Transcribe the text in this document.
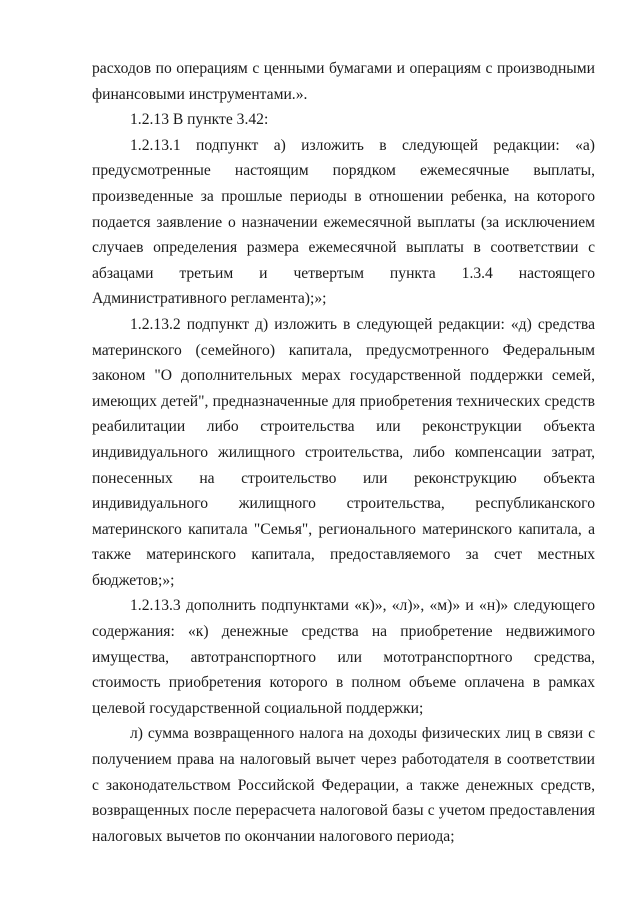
расходов по операциям с ценными бумагами и операциям с производными финансовыми инструментами.».

1.2.13 В пункте 3.42:

1.2.13.1 подпункт а) изложить в следующей редакции: «а) предусмотренные настоящим порядком ежемесячные выплаты, произведенные за прошлые периоды в отношении ребенка, на которого подается заявление о назначении ежемесячной выплаты (за исключением случаев определения размера ежемесячной выплаты в соответствии с абзацами третьим и четвертым пункта 1.3.4 настоящего Административного регламента);»;

1.2.13.2 подпункт д) изложить в следующей редакции: «д) средства материнского (семейного) капитала, предусмотренного Федеральным законом "О дополнительных мерах государственной поддержки семей, имеющих детей", предназначенные для приобретения технических средств реабилитации либо строительства или реконструкции объекта индивидуального жилищного строительства, либо компенсации затрат, понесенных на строительство или реконструкцию объекта индивидуального жилищного строительства, республиканского материнского капитала "Семья", регионального материнского капитала, а также материнского капитала, предоставляемого за счет местных бюджетов;»;

1.2.13.3 дополнить подпунктами «к)», «л)», «м)» и «н)» следующего содержания: «к) денежные средства на приобретение недвижимого имущества, автотранспортного или мототранспортного средства, стоимость приобретения которого в полном объеме оплачена в рамках целевой государственной социальной поддержки;

л) сумма возвращенного налога на доходы физических лиц в связи с получением права на налоговый вычет через работодателя в соответствии с законодательством Российской Федерации, а также денежных средств, возвращенных после перерасчета налоговой базы с учетом предоставления налоговых вычетов по окончании налогового периода;
